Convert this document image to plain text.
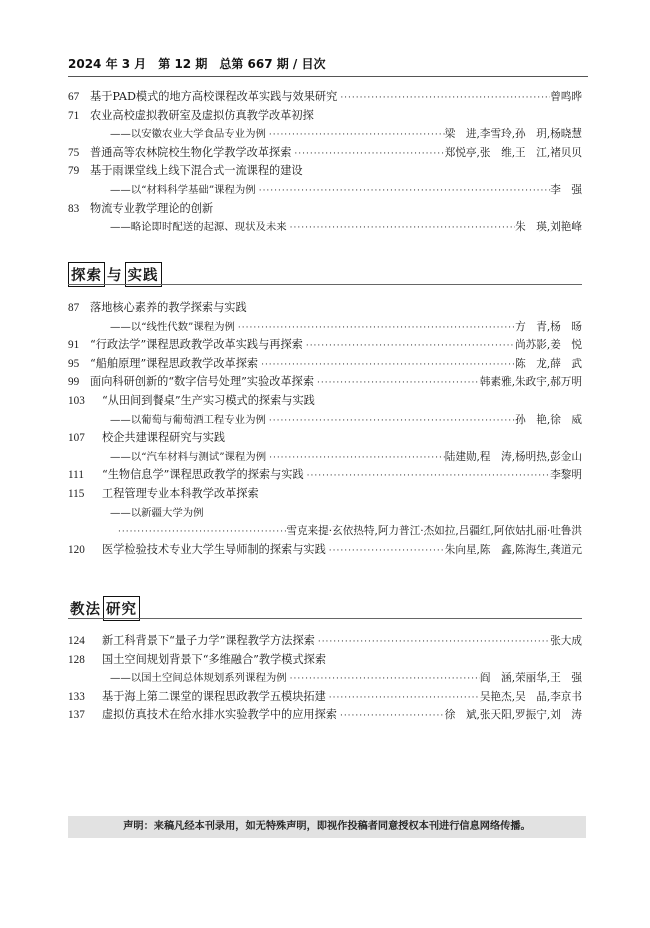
2024 年 3 月　第 12 期　总第 667 期 / 目次
67 基于PAD模式的地方高校课程改革实践与效果研究 ·····	曾鸣晔
71 农业高校虚拟教研室及虚拟仿真教学改革初探
——以安徽农业大学食品专业为例 ·····	梁　进,李雪玲,孙　玥,杨晓慧
75 普通高等农林院校生物化学教学改革探索 ·····	郑悦亭,张　维,王　江,褚贝贝
79 基于雨课堂线上线下混合式一流课程的建设
——以“材料科学基础”课程为例 ·····	李　强
83 物流专业教学理论的创新
——略论即时配送的起源、现状及未来 ·····	朱　瑛,刘艳峰
探索 与 实践
87 落地核心素养的教学探索与实践
——以“线性代数”课程为例 ·····	方　青,杨　旸
91 “行政法学”课程思政教学改革实践与再探索 ·····	尚苏影,姜　悦
95 “船舶原理”课程思政教学改革探索 ·····	陈　龙,薛　武
99 面向科研创新的“数字信号处理”实验改革探索 ·····	韩素雅,朱政宇,郝万明
103	“从田间到餐桌”生产实习模式的探索与实践
——以葡萄与葡萄酒工程专业为例 ·····	孙　艳,徐　威
107	校企共建课程研究与实践
——以“汽车材料与测试”课程为例 ·····	陆建勋,程　涛,杨明热,彭金山
111	“生物信息学”课程思政教学的探索与实践 ·····	李黎明
115	工程管理专业本科教学改革探索
——以新疆大学为例
·····
雪克来提·玄依热特,阿力普江·杰如拉,吕疆红,阿依姑扎丽·吐鲁洪
120	医学检验技术专业大学生导师制的探索与实践 ·····	朱向星,陈　鑫,陈海生,龚道元
教法 研究
124	新工科背景下“量子力学”课程教学方法探索 ·····	张大成
128	国土空间规划背景下“多维融合”教学模式探索
——以国土空间总体规划系列课程为例 ·····	阎　涵,荣丽华,王　强
133	基于海上第二课堂的课程思政教学五模块拓建 ·····	吴艳杰,吴　晶,李京书
137	虚拟仿真技术在给水排水实验教学中的应用探索 ·····	徐　斌,张天阳,罗振宁,刘　涛
声明：来稿凡经本刊录用，如无特殊声明，即视作投稿者同意授权本刊进行信息网络传播。
